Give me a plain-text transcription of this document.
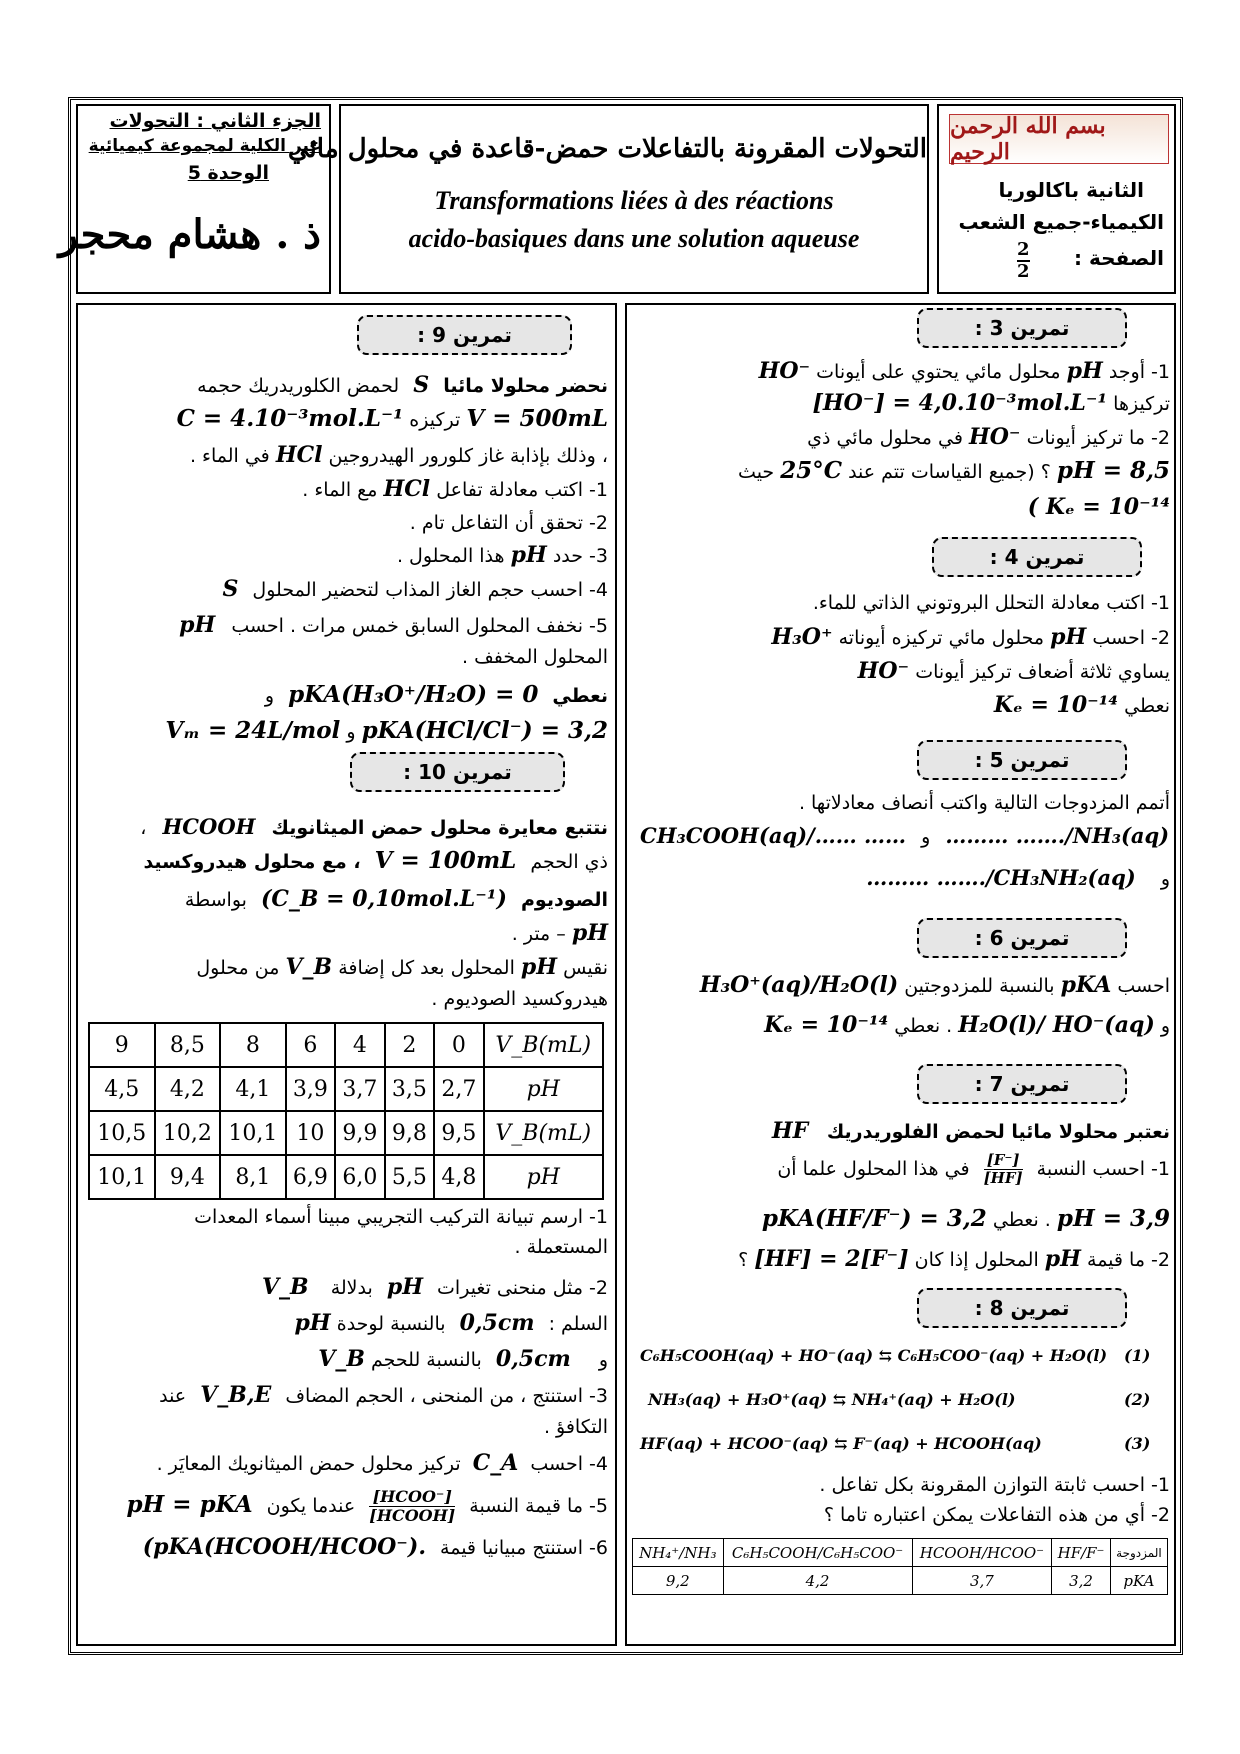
الجزء الثاني : التحولات
غير الكلية لمجموعة كيميائية
الوحدة 5
ذ . هشام محجر
التحولات المقرونة بالتفاعلات حمض-قاعدة في محلول مائي
Transformations liées à des réactions
acido-basiques dans une solution aqueuse
بسم الله الرحمن الرحيم
الثانية باكالوريا
الكيمياء-جميع الشعب
الصفحة :
$\frac{2}{2}$
تمرين 3 :
1- أوجد pH محلول مائي يحتوي على أيونات HO⁻
تركيزها [HO⁻] = 4,0.10⁻³mol.L⁻¹
2- ما تركيز أيونات HO⁻ في محلول مائي ذي
pH = 8,5 ؟ (جميع القياسات تتم عند 25°C حيث
( Kₑ = 10⁻¹⁴
تمرين 4 :
1- اكتب معادلة التحلل البروتوني الذاتي للماء.
2- احسب pH محلول مائي تركيزه أيوناته H₃O⁺
يساوي ثلاثة أضعاف تركيز أيونات HO⁻
نعطي Kₑ = 10⁻¹⁴
تمرين 5 :
أتمم المزدوجات التالية واكتب أنصاف معادلاتها .
CH₃COOH(aq)/…… …… و ……… ……./NH₃(aq)
و ……… ……./CH₃NH₂(aq)
تمرين 6 :
احسب pKA بالنسبة للمزدوجتين H₃O⁺(aq)/H₂O(l)
و H₂O(l)/ HO⁻(aq) . نعطي Kₑ = 10⁻¹⁴
تمرين 7 :
نعتبر محلولا مائيا لحمض الفلوريدريك HF
1- احسب النسبة
$\frac{[F^-]}{[HF]}$
في هذا المحلول علما أن
pH = 3,9 . نعطي pKA(HF/F⁻) = 3,2
2- ما قيمة pH المحلول إذا كان [HF] = 2[F⁻] ؟
تمرين 8 :
C₆H₅COOH(aq) + HO⁻(aq) ⇆ C₆H₅COO⁻(aq) + H₂O(l) (1)
NH₃(aq) + H₃O⁺(aq) ⇆ NH₄⁺(aq) + H₂O(l)	(2)
HF(aq) + HCOO⁻(aq) ⇆ F⁻(aq) + HCOOH(aq)	(3)
1- احسب ثابتة التوازن المقرونة بكل تفاعل .
2- أي من هذه التفاعلات يمكن اعتباره تاما ؟
NH₄⁺/NH₃	C₆H₅COOH/C₆H₅COO⁻	HCOOH/HCOO⁻	HF/F⁻	المزدوجة
9,2	4,2	3,7	3,2	pKA
تمرين 9 :
نحضر محلولا مائيا S لحمض الكلوريدريك حجمه
V = 500mL تركيزه C = 4.10⁻³mol.L⁻¹
، وذلك بإذابة غاز كلورور الهيدروجين HCl في الماء .
1- اكتب معادلة تفاعل HCl مع الماء .
2- تحقق أن التفاعل تام .
3- حدد pH هذا المحلول .
4- احسب حجم الغاز المذاب لتحضير المحلول S
5- نخفف المحلول السابق خمس مرات . احسب pH
المحلول المخفف .
نعطي pKA(H₃O⁺/H₂O) = 0 و
pKA(HCl/Cl⁻) = 3,2 و Vₘ = 24L/mol
تمرين 10 :
نتتبع معايرة محلول حمض الميثانويك HCOOH ،
ذي الحجم V = 100mL ، مع محلول هيدروكسيد
الصوديوم (C_B = 0,10mol.L⁻¹) بواسطة
pH – متر .
نقيس pH المحلول بعد كل إضافة V_B من محلول
هيدروكسيد الصوديوم .
9	8,5	8	6	4	2	0	V_B(mL)
4,5	4,2	4,1	3,9	3,7	3,5	2,7	pH
10,5	10,2	10,1	10	9,9	9,8	9,5	V_B(mL)
10,1	9,4	8,1	6,9	6,0	5,5	4,8	pH
1- ارسم تبيانة التركيب التجريبي مبينا أسماء المعدات
المستعملة .
2- مثل منحنى تغيرات pH بدلالة V_B
السلم : 0,5cm بالنسبة لوحدة pH
و 0,5cm بالنسبة للحجم V_B
3- استنتج ، من المنحنى ، الحجم المضاف V_B,E عند
التكافؤ .
4- احسب C_A تركيز محلول حمض الميثانويك المعايَر .
5- ما قيمة النسبة
[HCOO⁻]
[HCOOH]
عندما يكون pH = pKA
6- استنتج مبيانيا قيمة (pKA(HCOOH/HCOO⁻).
